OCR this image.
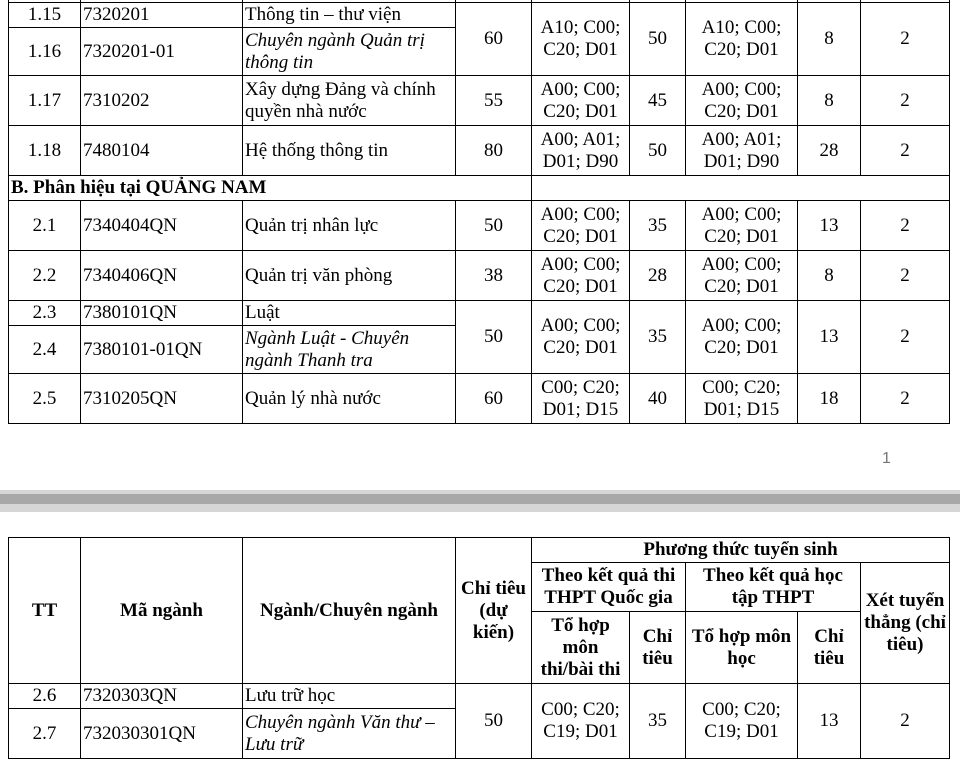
1.15	7320201	Thông tin – thư viện	60	A10; C00; C20; D01	50	A10; C00; C20; D01	8	2
1.16	7320201-01	Chuyên ngành Quản trị thông tin						
1.17	7310202	Xây dựng Đảng và chính quyền nhà nước	55	A00; C00; C20; D01	45	A00; C00; C20; D01	8	2
1.18	7480104	Hệ thống thông tin	80	A00; A01; D01; D90	50	A00; A01; D01; D90	28	2
B. Phân hiệu tại QUẢNG NAM								
2.1	7340404QN	Quản trị nhân lực	50	A00; C00; C20; D01	35	A00; C00; C20; D01	13	2
2.2	7340406QN	Quản trị văn phòng	38	A00; C00; C20; D01	28	A00; C00; C20; D01	8	2
2.3	7380101QN	Luật	50	A00; C00; C20; D01	35	A00; C00; C20; D01	13	2
2.4	7380101-01QN	Ngành Luật - Chuyên ngành Thanh tra						
2.5	7310205QN	Quản lý nhà nước	60	C00; C20; D01; D15	40	C00; C20; D01; D15	18	2
1
TT	Mã ngành	Ngành/Chuyên ngành	Chỉ tiêu (dự kiến)	Phương thức tuyển sinh				
				Theo kết quả thi THPT Quốc gia		Theo kết quả học tập THPT		Xét tuyển thẳng (chỉ tiêu)
				Tổ hợp môn thi/bài thi	Chỉ tiêu	Tổ hợp môn học	Chỉ tiêu	
2.6	7320303QN	Lưu trữ học	50	C00; C20; C19; D01	35	C00; C20; C19; D01	13	2
2.7	732030301QN	Chuyên ngành Văn thư – Lưu trữ						
